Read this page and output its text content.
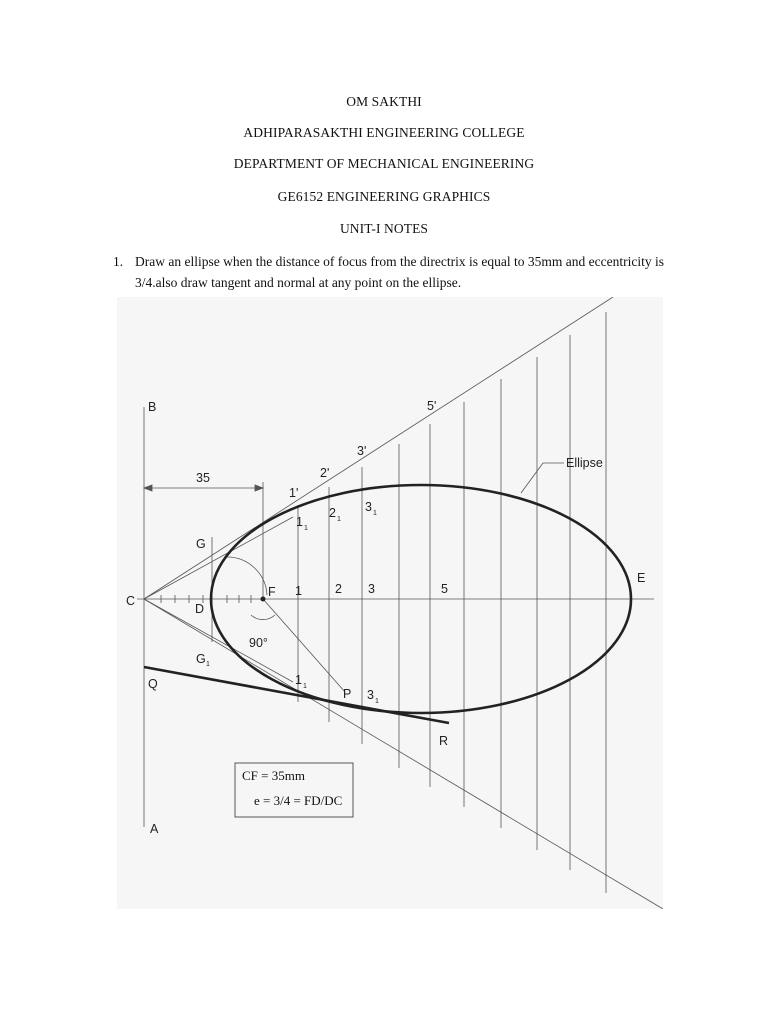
OM SAKTHI
ADHIPARASAKTHI ENGINEERING COLLEGE
DEPARTMENT OF MECHANICAL ENGINEERING
GE6152 ENGINEERING GRAPHICS
UNIT-I NOTES
1. Draw an ellipse when the distance of focus from the directrix is equal to 35mm and eccentricity is 3/4.also draw tangent and normal at any point on the ellipse.
B
A
C
D
E
F
G
G 1
P
Q
R
35
90°
Ellipse
1	2 3	5
1'
2'
3'
5'
1 1
2 1
3 1
1 1
3 1
CF = 35mm
e = 3/4 = FD/DC
